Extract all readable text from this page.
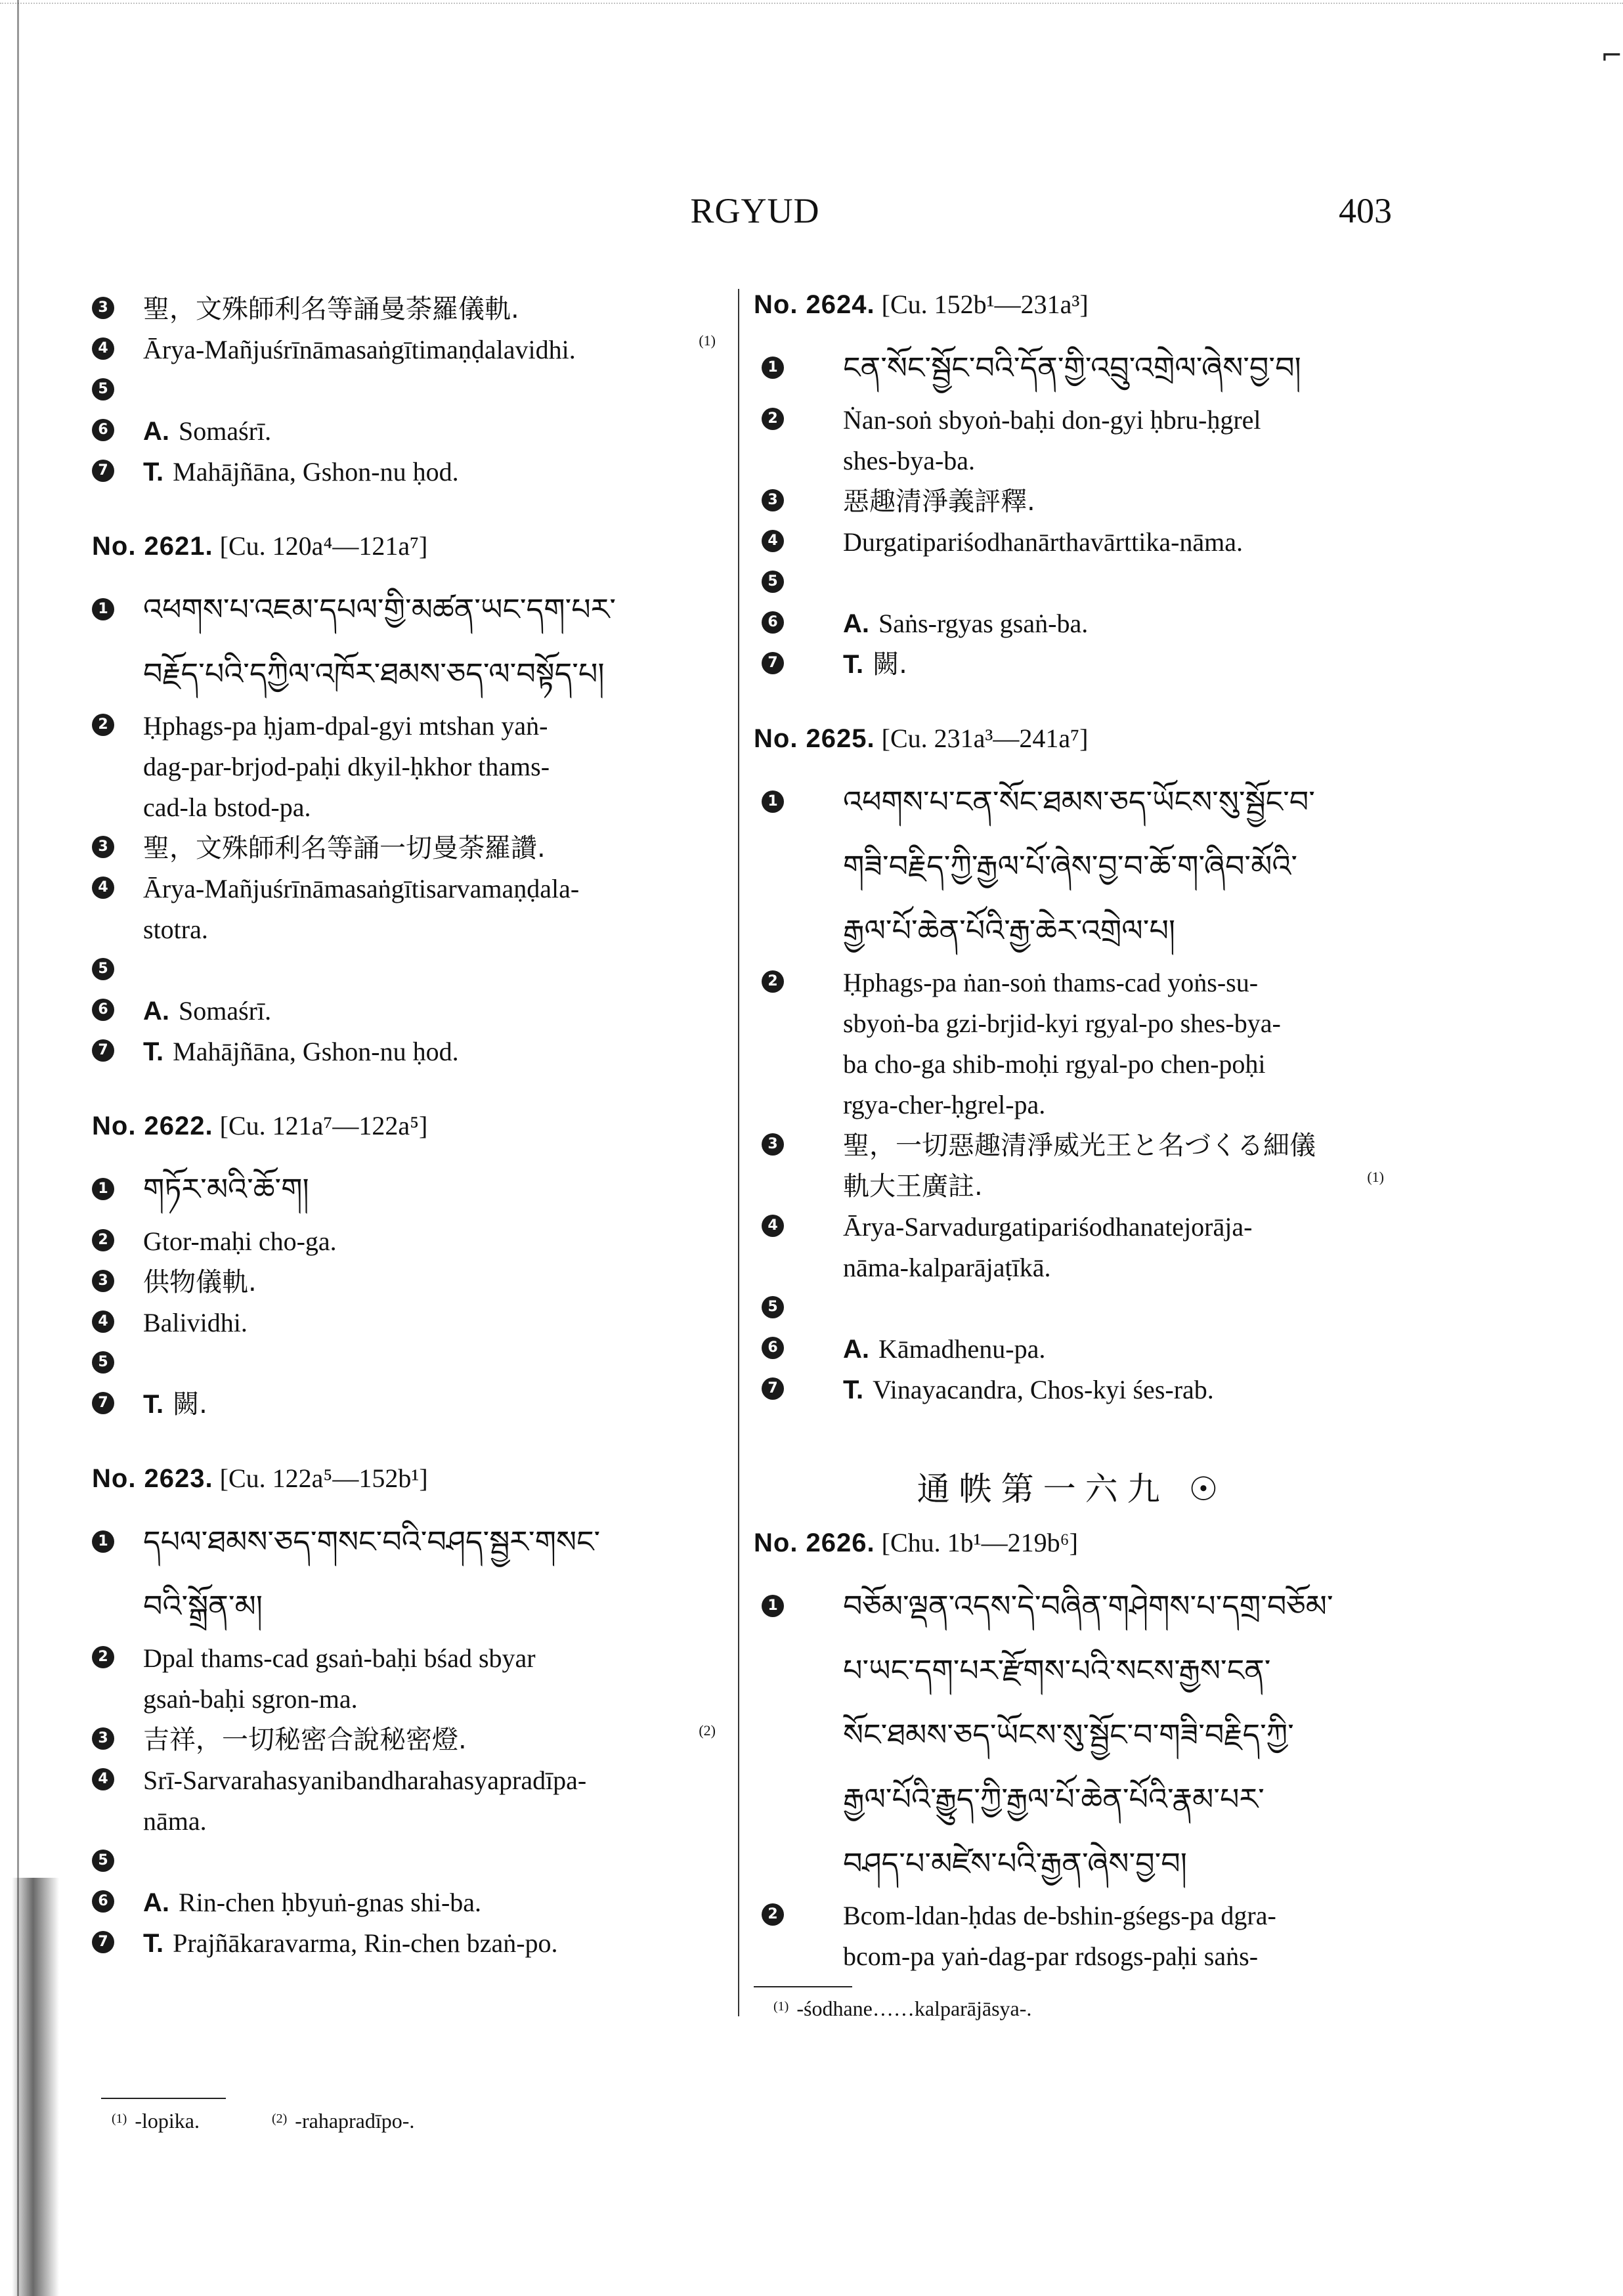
⌐
RGYUD	403
3 聖，文殊師利名等誦曼荼羅儀軌.
4 Ārya-Mañjuśrīnāmasaṅgītimaṇḍalavidhi.	(1)
5
6 A. Somaśrī.
7 T. Mahājñāna, Gshon-nu ḥod.
No. 2621. [Cu. 120a⁴—121a⁷]
1 འཕགས་པ་འཇམ་དཔལ་གྱི་མཚན་ཡང་དག་པར་
བརྗོད་པའི་དཀྱིལ་འཁོར་ཐམས་ཅད་ལ་བསྟོད་པ།
2 Ḥphags-pa ḥjam-dpal-gyi mtshan yaṅ-
dag-par-brjod-paḥi dkyil-ḥkhor thams-
cad-la bstod-pa.
3 聖，文殊師利名等誦一切曼荼羅讚.
4 Ārya-Mañjuśrīnāmasaṅgītisarvamaṇḍala-
stotra.
5
6 A. Somaśrī.
7 T. Mahājñāna, Gshon-nu ḥod.
No. 2622. [Cu. 121a⁷—122a⁵]
1 གཏོར་མའི་ཆོ་ག།
2 Gtor-maḥi cho-ga.
3 供物儀軌.
4 Balividhi.
5
7 T. 闕.
No. 2623. [Cu. 122a⁵—152b¹]
1 དཔལ་ཐམས་ཅད་གསང་བའི་བཤད་སྦྱར་གསང་
བའི་སྒྲོན་མ།
2 Dpal thams-cad gsaṅ-baḥi bśad sbyar
gsaṅ-baḥi sgron-ma.
3 吉祥，一切秘密合說秘密燈.	(2)
4 Srī-Sarvarahasyanibandharahasyapradīpa-
nāma.
5
6 A. Rin-chen ḥbyuṅ-gnas shi-ba.
7 T. Prajñākaravarma, Rin-chen bzaṅ-po.
No. 2624. [Cu. 152b¹—231a³]
1 ངན་སོང་སྦྱོང་བའི་དོན་གྱི་འབྲུ་འགྲེལ་ཞེས་བྱ་བ།
2 Ṅan-soṅ sbyoṅ-baḥi don-gyi ḥbru-ḥgrel
shes-bya-ba.
3 惡趣清淨義評釋.
4 Durgatipariśodhanārthavārttika-nāma.
5
6 A. Saṅs-rgyas gsaṅ-ba.
7 T. 闕.
No. 2625. [Cu. 231a³—241a⁷]
1 འཕགས་པ་ངན་སོང་ཐམས་ཅད་ཡོངས་སུ་སྦྱོང་བ་
གཟི་བརྗིད་ཀྱི་རྒྱལ་པོ་ཞེས་བྱ་བ་ཆོ་ག་ཞིབ་མོའི་
རྒྱལ་པོ་ཆེན་པོའི་རྒྱ་ཆེར་འགྲེལ་པ།
2 Ḥphags-pa ṅan-soṅ thams-cad yoṅs-su-
sbyoṅ-ba gzi-brjid-kyi rgyal-po shes-bya-
ba cho-ga shib-moḥi rgyal-po chen-poḥi
rgya-cher-ḥgrel-pa.
3 聖，一切惡趣清淨威光王と名づくる細儀
軌大王廣註.	(1)
4 Ārya-Sarvadurgatipariśodhanatejorāja-
nāma-kalparājaṭīkā.
5
6 A. Kāmadhenu-pa.
7 T. Vinayacandra, Chos-kyi śes-rab.
通帙第一六九 ☉
No. 2626. [Chu. 1b¹—219b⁶]
1 བཅོམ་ལྡན་འདས་དེ་བཞིན་གཤེགས་པ་དགྲ་བཅོམ་
པ་ཡང་དག་པར་རྫོགས་པའི་སངས་རྒྱས་ངན་
སོང་ཐམས་ཅད་ཡོངས་སུ་སྦྱོང་བ་གཟི་བརྗིད་ཀྱི་
རྒྱལ་པོའི་རྒྱུད་ཀྱི་རྒྱལ་པོ་ཆེན་པོའི་རྣམ་པར་
བཤད་པ་མཛེས་པའི་རྒྱན་ཞེས་བྱ་བ།
2 Bcom-ldan-ḥdas de-bshin-gśegs-pa dgra-
bcom-pa yaṅ-dag-par rdsogs-paḥi saṅs-
$^{(1)}$ -lopika.	$^{(2)}$ -rahapradīpo-.
$^{(1)}$ -śodhane……kalparājāsya-.
